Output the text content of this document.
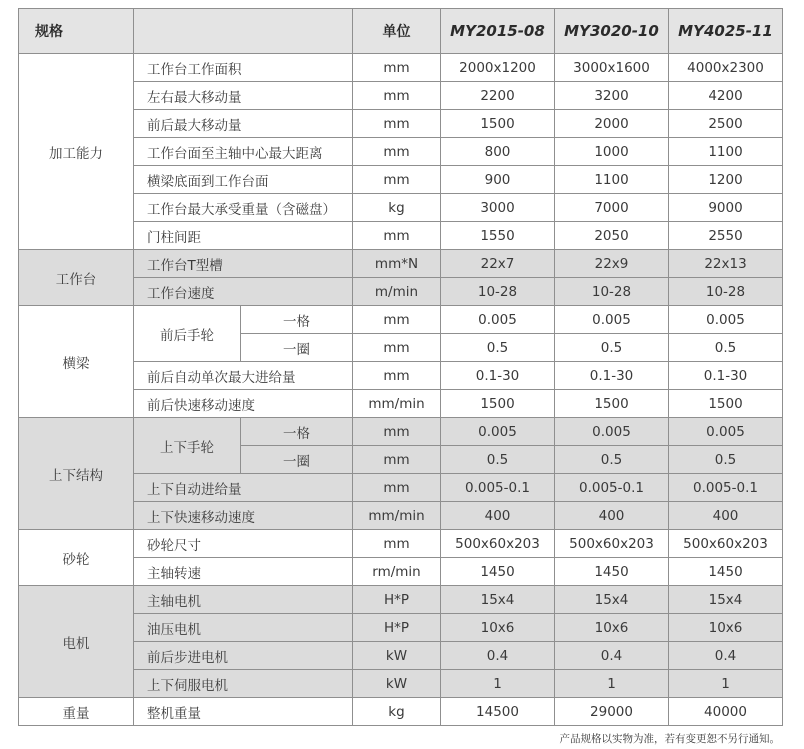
规格			单位	MY2015-08	MY3020-10	MY4025-11
加工能力	工作台工作面积		mm	2000x1200	3000x1600	4000x2300
	左右最大移动量		mm	2200	3200	4200
	前后最大移动量		mm	1500	2000	2500
	工作台面至主轴中心最大距离		mm	800	1000	1100
	横梁底面到工作台面		mm	900	1100	1200
	工作台最大承受重量（含磁盘）		kg	3000	7000	9000
	门柱间距		mm	1550	2050	2550
工作台	工作台T型槽		mm*N	22x7	22x9	22x13
	工作台速度		m/min	10-28	10-28	10-28
横梁	前后手轮	一格	mm	0.005	0.005	0.005
		一圈	mm	0.5	0.5	0.5
	前后自动单次最大进给量		mm	0.1-30	0.1-30	0.1-30
	前后快速移动速度		mm/min	1500	1500	1500
上下结构	上下手轮	一格	mm	0.005	0.005	0.005
		一圈	mm	0.5	0.5	0.5
	上下自动进给量		mm	0.005-0.1	0.005-0.1	0.005-0.1
	上下快速移动速度		mm/min	400	400	400
砂轮	砂轮尺寸		mm	500x60x203	500x60x203	500x60x203
	主轴转速		rm/min	1450	1450	1450
电机	主轴电机		H*P	15x4	15x4	15x4
	油压电机		H*P	10x6	10x6	10x6
	前后步进电机		kW	0.4	0.4	0.4
	上下伺服电机		kW	1	1	1
重量	整机重量		kg	14500	29000	40000
产品规格以实物为准，若有变更恕不另行通知。
